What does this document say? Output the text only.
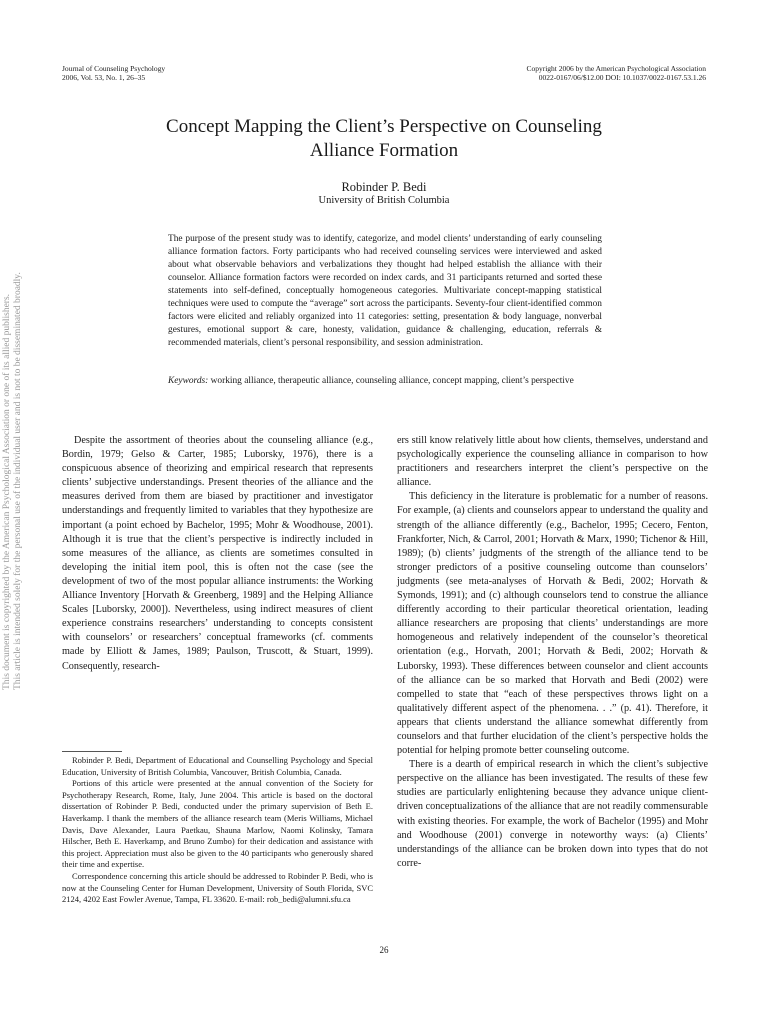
This document is copyrighted by the American Psychological Association or one of its allied publishers. This article is intended solely for the personal use of the individual user and is not to be disseminated broadly.
Journal of Counseling Psychology
2006, Vol. 53, No. 1, 26–35
Copyright 2006 by the American Psychological Association
0022-0167/06/$12.00 DOI: 10.1037/0022-0167.53.1.26
Concept Mapping the Client’s Perspective on Counseling
Alliance Formation
Robinder P. Bedi
University of British Columbia
The purpose of the present study was to identify, categorize, and model clients’ understanding of early counseling alliance formation factors. Forty participants who had received counseling services were interviewed and asked about what observable behaviors and verbalizations they thought had helped establish the alliance with their counselor. Alliance formation factors were recorded on index cards, and 31 participants returned and sorted these statements into self-defined, conceptually homogeneous categories. Multivariate concept-mapping statistical techniques were used to compute the “average” sort across the participants. Seventy-four client-identified common factors were elicited and reliably organized into 11 categories: setting, presentation & body language, nonverbal gestures, emotional support & care, honesty, validation, guidance & challenging, education, referrals & recommended materials, client’s personal responsibility, and session administration.
Keywords: working alliance, therapeutic alliance, counseling alliance, concept mapping, client’s perspective

Despite the assortment of theories about the counseling alliance (e.g., Bordin, 1979; Gelso & Carter, 1985; Luborsky, 1976), there is a conspicuous absence of theorizing and empirical research that represents clients’ subjective understandings. Present theories of the alliance and the measures derived from them are biased by practitioner and investigator understandings and frequently limited to variables that they hypothesize are important (a point echoed by Bachelor, 1995; Mohr & Woodhouse, 2001). Although it is true that the client’s perspective is indirectly included in some measures of the alliance, as clients are sometimes consulted in developing the initial item pool, this is often not the case (see the development of two of the most popular alliance instruments: the Working Alliance Inventory [Horvath & Greenberg, 1989] and the Helping Alliance Scales [Luborsky, 2000]). Nevertheless, using indirect measures of client experience constrains researchers’ understanding to concepts consistent with counselors’ or researchers’ conceptual frameworks (cf. comments made by Elliott & James, 1989; Paulson, Truscott, & Stuart, 1999). Consequently, research-

Robinder P. Bedi, Department of Educational and Counselling Psychology and Special Education, University of British Columbia, Vancouver, British Columbia, Canada.

Portions of this article were presented at the annual convention of the Society for Psychotherapy Research, Rome, Italy, June 2004. This article is based on the doctoral dissertation of Robinder P. Bedi, conducted under the primary supervision of Beth E. Haverkamp. I thank the members of the alliance research team (Meris Williams, Michael Davis, Dave Alexander, Laura Paetkau, Shauna Marlow, Naomi Kolinsky, Tamara Hilscher, Beth E. Haverkamp, and Bruno Zumbo) for their dedication and assistance with this project. Appreciation must also be given to the 40 participants who generously shared their time and expertise.

Correspondence concerning this article should be addressed to Robinder P. Bedi, who is now at the Counseling Center for Human Development, University of South Florida, SVC 2124, 4202 East Fowler Avenue, Tampa, FL 33620. E-mail: rob_bedi@alumni.sfu.ca

ers still know relatively little about how clients, themselves, understand and psychologically experience the counseling alliance in comparison to how practitioners and researchers interpret the client’s perspective on the alliance.

This deficiency in the literature is problematic for a number of reasons. For example, (a) clients and counselors appear to understand the quality and strength of the alliance differently (e.g., Bachelor, 1995; Cecero, Fenton, Frankforter, Nich, & Carrol, 2001; Horvath & Marx, 1990; Tichenor & Hill, 1989); (b) clients’ judgments of the strength of the alliance tend to be stronger predictors of a positive counseling outcome than counselors’ judgments (see meta-analyses of Horvath & Bedi, 2002; Horvath & Symonds, 1991); and (c) although counselors tend to construe the alliance differently according to their particular theoretical orientation, leading alliance researchers are proposing that clients’ understandings are more homogeneous and relatively independent of the counselor’s theoretical orientation (e.g., Horvath, 2001; Horvath & Bedi, 2002; Horvath & Luborsky, 1993). These differences between counselor and client accounts of the alliance can be so marked that Horvath and Bedi (2002) were compelled to state that “each of these perspectives throws light on a qualitatively different aspect of the phenomena. . .” (p. 41). Therefore, it appears that clients understand the alliance somewhat differently from counselors and that further elucidation of the client’s perspective holds the potential for helping promote better counseling outcome.

There is a dearth of empirical research in which the client’s subjective perspective on the alliance has been investigated. The results of these few studies are particularly enlightening because they advance unique client-driven conceptualizations of the alliance that are not readily commensurable with existing theories. For example, the work of Bachelor (1995) and Mohr and Woodhouse (2001) converge in noteworthy ways: (a) Clients’ understandings of the alliance can be broken down into types that do not corre-

26
